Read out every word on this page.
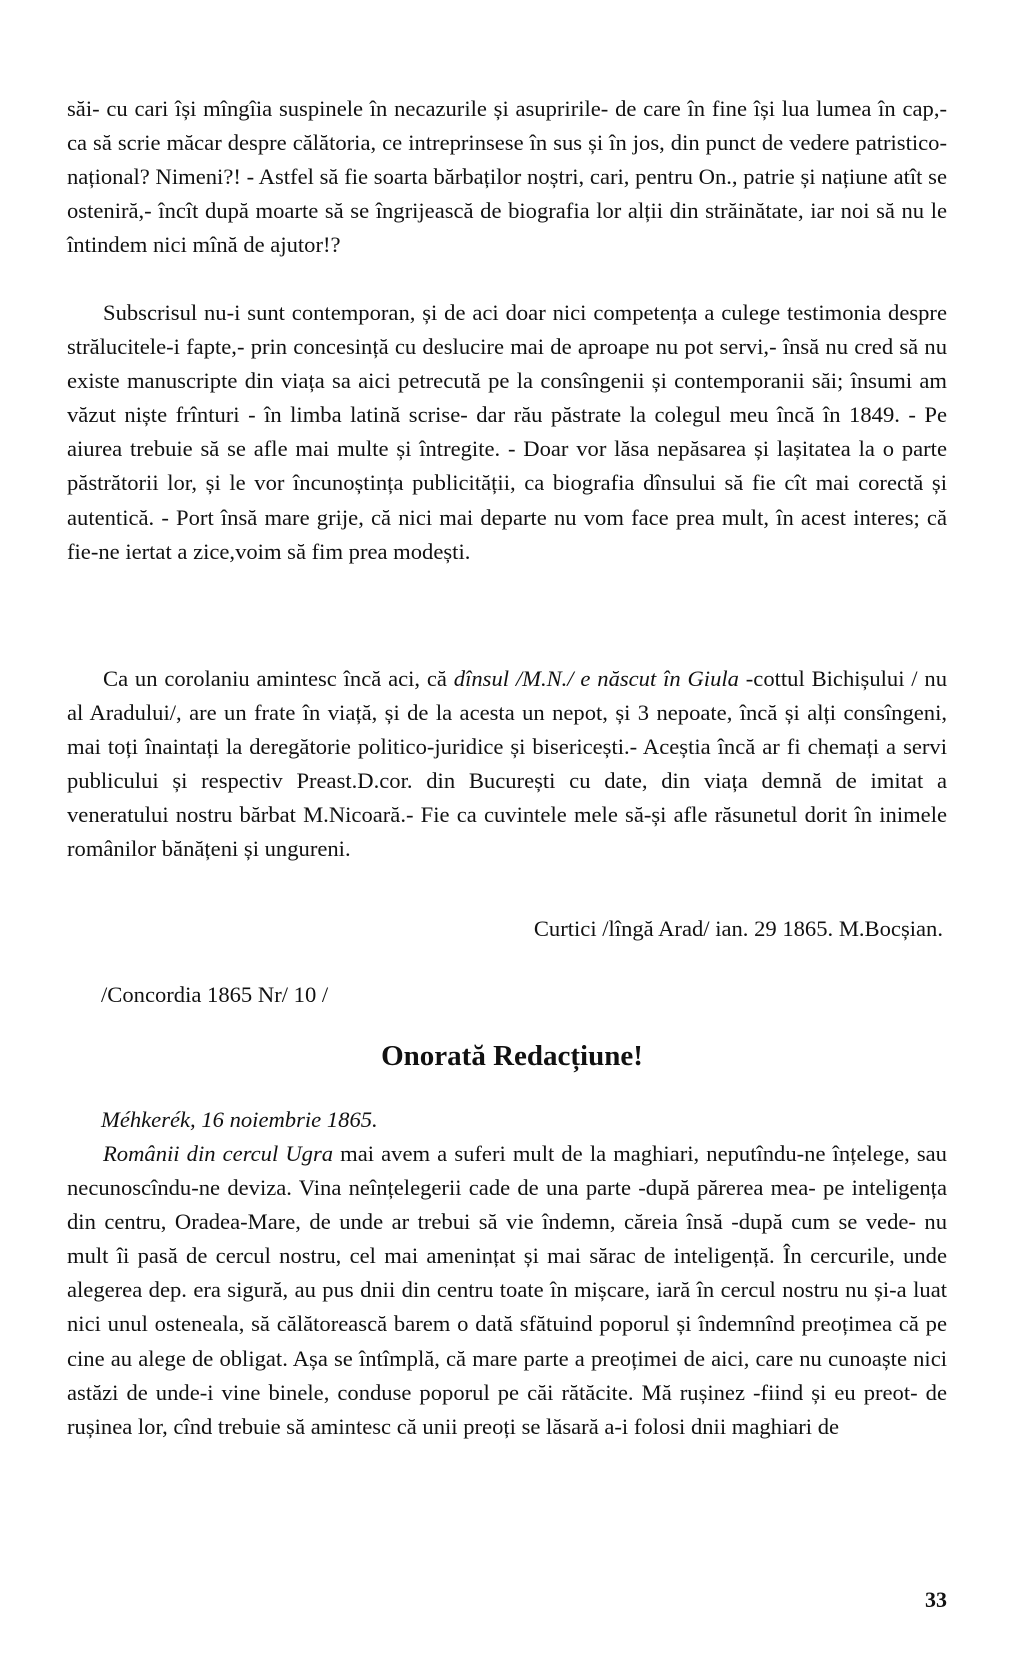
săi- cu cari își mîngîia suspinele în necazurile și asupririle- de care în fine își lua lumea în cap,- ca să scrie măcar despre călătoria, ce intreprinsese în sus și în jos, din punct de vedere patristico- național? Nimeni?! - Astfel să fie soarta bărbaților noștri, cari, pentru On., patrie și națiune atît se osteniră,- încît după moarte să se îngrijească de biografia lor alții din străinătate, iar noi să nu le întindem nici mînă de ajutor!?

Subscrisul nu-i sunt contemporan, și de aci doar nici competența a culege testimonia despre strălucitele-i fapte,- prin concesință cu deslucire mai de aproape nu pot servi,- însă nu cred să nu existe manuscripte din viața sa aici petrecută pe la consîngenii și contemporanii săi; însumi am văzut niște frînturi - în limba latină scrise- dar rău păstrate la colegul meu încă în 1849. - Pe aiurea trebuie să se afle mai multe și întregite. - Doar vor lăsa nepăsarea și lașitatea la o parte păstrătorii lor, și le vor încunoștința publicității, ca biografia dînsului să fie cît mai corectă și autentică. - Port însă mare grije, că nici mai departe nu vom face prea mult, în acest interes; că fie-ne iertat a zice,voim să fim prea modești.

Ca un corolaniu amintesc încă aci, că dînsul /M.N./ e născut în Giula -cottul Bichișului / nu al Aradului/, are un frate în viață, și de la acesta un nepot, și 3 nepoate, încă și alți consîngeni, mai toți înaintați la deregătorie politico-juridice și bisericești.- Aceștia încă ar fi chemați a servi publicului și respectiv Preast.D.cor. din București cu date, din viața demnă de imitat a veneratului nostru bărbat M.Nicoară.- Fie ca cuvintele mele să-și afle răsunetul dorit în inimele românilor bănățeni și ungureni.

Curtici /lîngă Arad/ ian. 29 1865. M.Bocșian.

/Concordia 1865 Nr/ 10 /

Onorată Redacțiune!

Méhkerék, 16 noiembrie 1865.

Românii din cercul Ugra mai avem a suferi mult de la maghiari, neputîndu-ne înțelege, sau necunoscîndu-ne deviza. Vina neînțelegerii cade de una parte -după părerea mea- pe inteligența din centru, Oradea-Mare, de unde ar trebui să vie îndemn, căreia însă -după cum se vede- nu mult îi pasă de cercul nostru, cel mai amenințat și mai sărac de inteligență. În cercurile, unde alegerea dep. era sigură, au pus dnii din centru toate în mișcare, iară în cercul nostru nu și-a luat nici unul osteneala, să călătorească barem o dată sfătuind poporul și îndemnînd preoțimea că pe cine au alege de obligat. Așa se întîmplă, că mare parte a preoțimei de aici, care nu cunoaște nici astăzi de unde-i vine binele, conduse poporul pe căi rătăcite. Mă rușinez -fiind și eu preot- de rușinea lor, cînd trebuie să amintesc că unii preoți se lăsară a-i folosi dnii maghiari de

33
